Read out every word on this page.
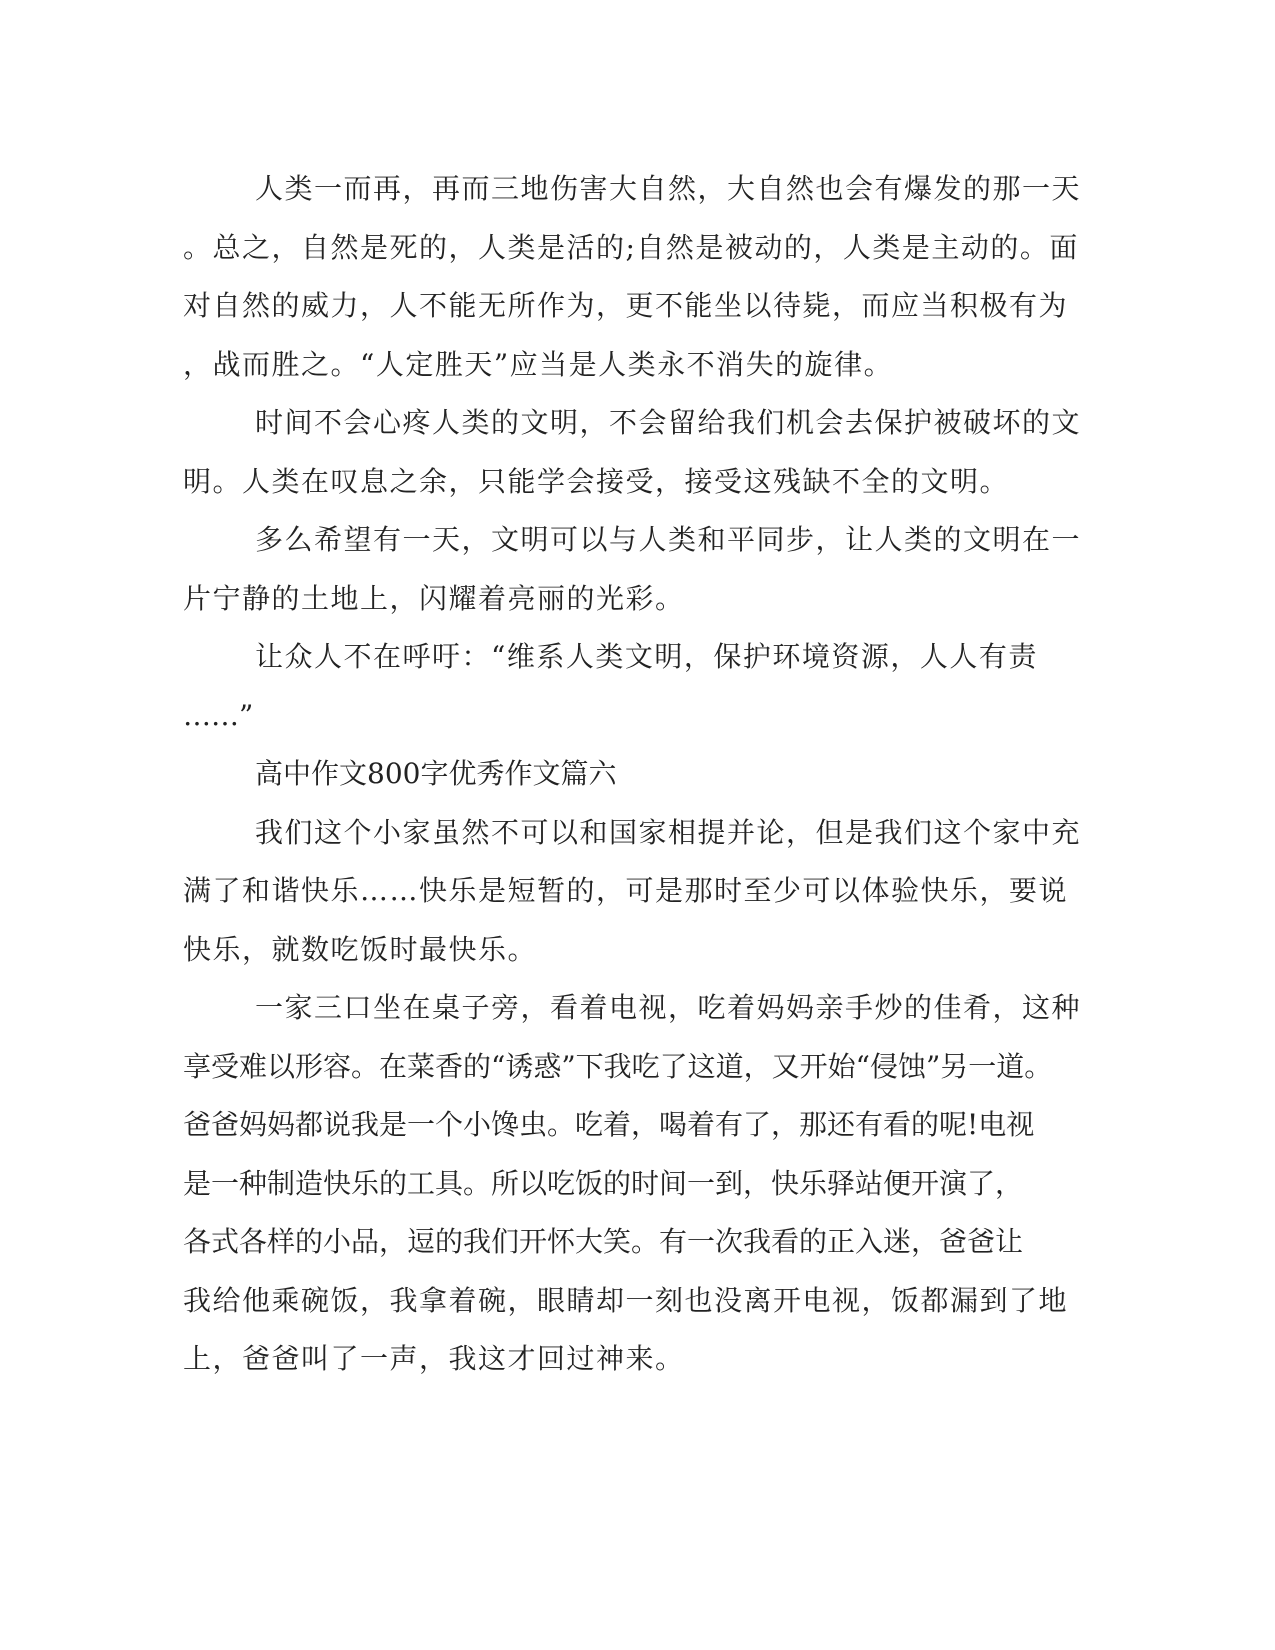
人类一而再，再而三地伤害大自然，大自然也会有爆发的那一天
。总之，自然是死的，人类是活的;自然是被动的，人类是主动的。面
对自然的威力，人不能无所作为，更不能坐以待毙，而应当积极有为
，战而胜之。“人定胜天”应当是人类永不消失的旋律。
时间不会心疼人类的文明，不会留给我们机会去保护被破坏的文
明。人类在叹息之余，只能学会接受，接受这残缺不全的文明。
多么希望有一天，文明可以与人类和平同步，让人类的文明在一
片宁静的土地上，闪耀着亮丽的光彩。
让众人不在呼吁：“维系人类文明，保护环境资源，人人有责
……”
高中作文800字优秀作文篇六
我们这个小家虽然不可以和国家相提并论，但是我们这个家中充
满了和谐快乐……快乐是短暂的，可是那时至少可以体验快乐，要说
快乐，就数吃饭时最快乐。
一家三口坐在桌子旁，看着电视，吃着妈妈亲手炒的佳肴，这种
享受难以形容。在菜香的“诱惑”下我吃了这道，又开始“侵蚀”另一道。
爸爸妈妈都说我是一个小馋虫。吃着，喝着有了，那还有看的呢!电视
是一种制造快乐的工具。所以吃饭的时间一到，快乐驿站便开演了，
各式各样的小品，逗的我们开怀大笑。有一次我看的正入迷，爸爸让
我给他乘碗饭，我拿着碗，眼睛却一刻也没离开电视，饭都漏到了地
上，爸爸叫了一声，我这才回过神来。
